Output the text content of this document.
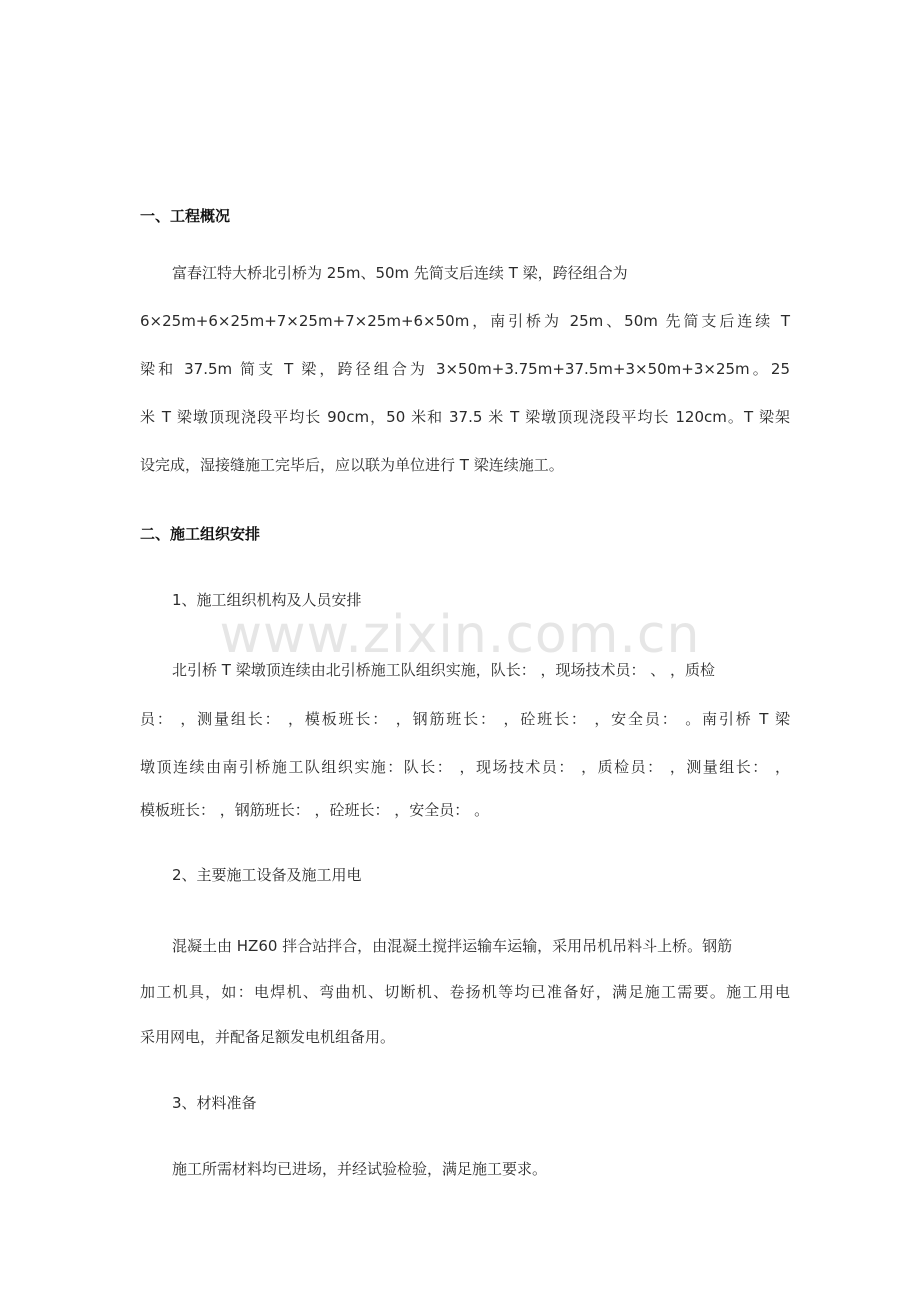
www.zixin.com.cn
一、工程概况
富春江特大桥北引桥为 25m、50m 先简支后连续 T 梁，跨径组合为
6×25m+6×25m+7×25m+7×25m+6×50m，南引桥为 25m、50m 先简支后连续 T
梁和 37.5m 简支 T 梁，跨径组合为 3×50m+3.75m+37.5m+3×50m+3×25m。25
米 T 梁墩顶现浇段平均长 90cm，50 米和 37.5 米 T 梁墩顶现浇段平均长 120cm。T 梁架
设完成，湿接缝施工完毕后，应以联为单位进行 T 梁连续施工。
二、施工组织安排
1、施工组织机构及人员安排
北引桥 T 梁墩顶连续由北引桥施工队组织实施，队长： ，现场技术员： 、 ，质检
员： ，测量组长： ，模板班长： ，钢筋班长： ，砼班长： ，安全员： 。南引桥 T 梁
墩顶连续由南引桥施工队组织实施：队长： ，现场技术员： ，质检员： ，测量组长： ，
模板班长： ，钢筋班长： ，砼班长： ，安全员： 。
2、主要施工设备及施工用电
混凝土由 HZ60 拌合站拌合，由混凝土搅拌运输车运输，采用吊机吊料斗上桥。钢筋
加工机具，如：电焊机、弯曲机、切断机、卷扬机等均已准备好，满足施工需要。施工用电
采用网电，并配备足额发电机组备用。
3、材料准备
施工所需材料均已进场，并经试验检验，满足施工要求。
